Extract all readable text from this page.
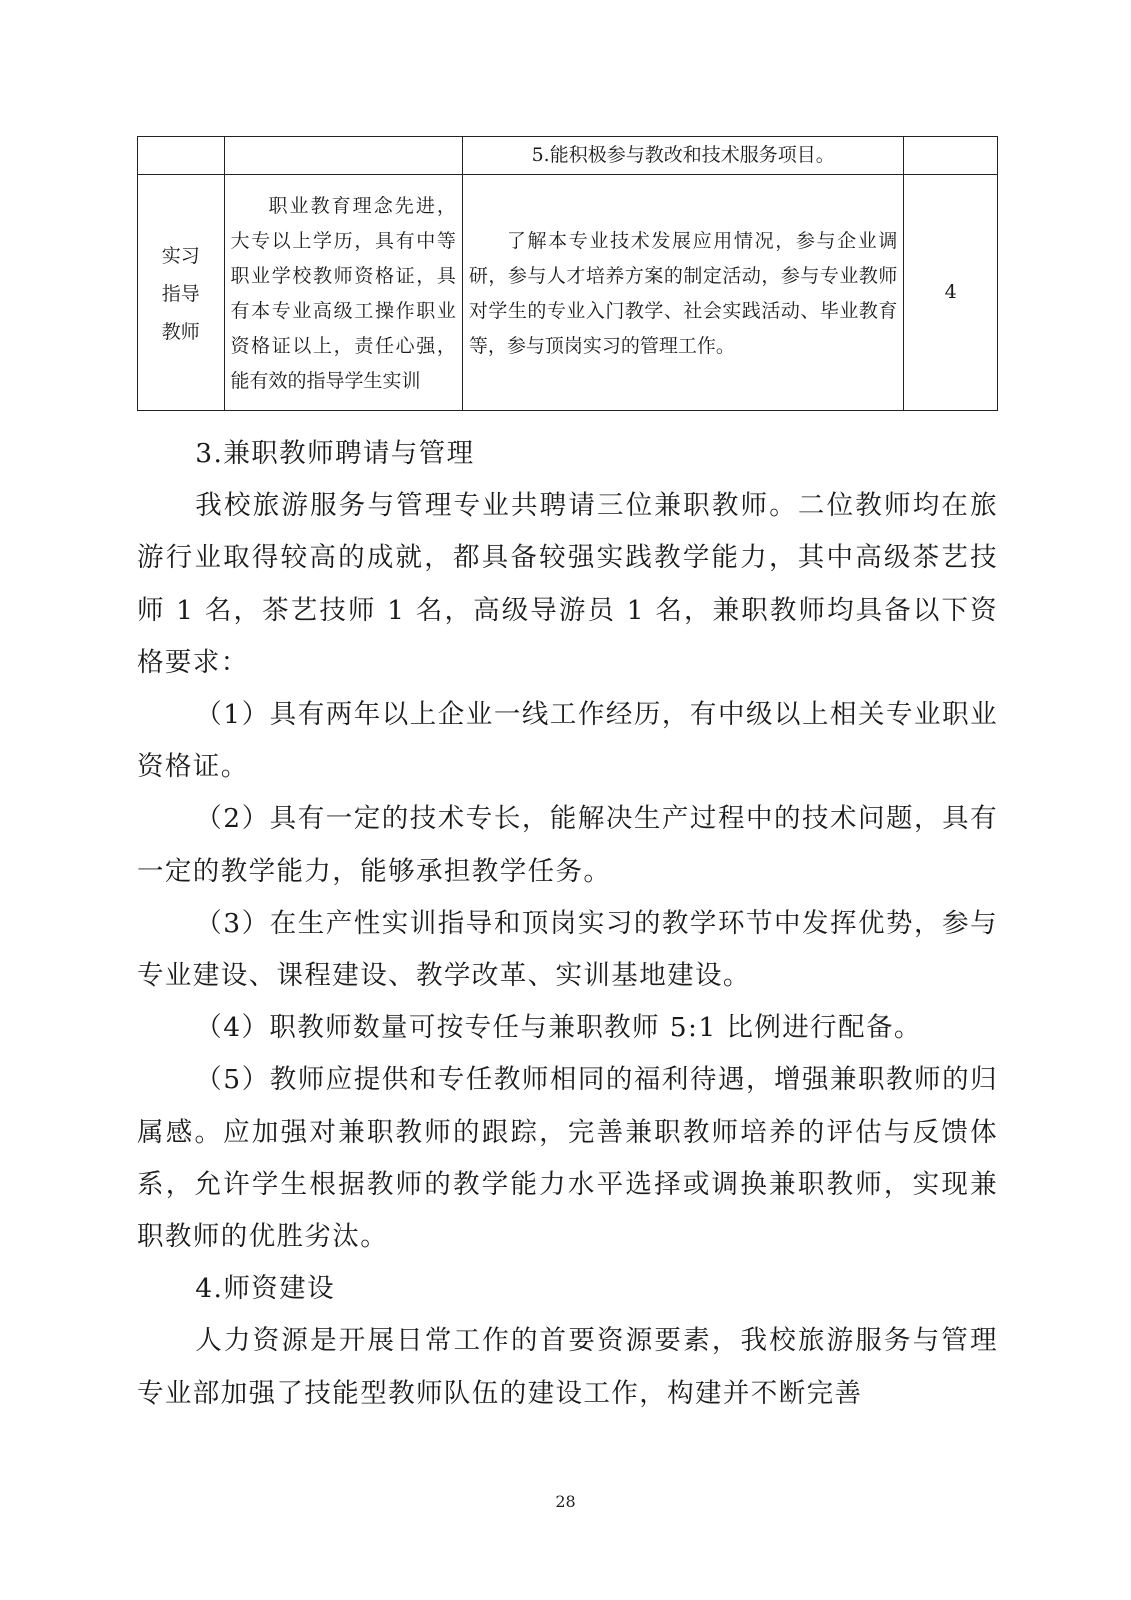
		5.能积极参与教改和技术服务项目。	

实习
指导
教师	职业教育理念先进，大专以上学历，具有中等职业学校教师资格证，具有本专业高级工操作职业资格证以上，责任心强， 能有效的指导学生实训	了解本专业技术发展应用情况，参与企业调研，参与人才培养方案的制定活动，参与专业教师对学生的专业入门教学、社会实践活动、毕业教育等，参与顶岗实习的管理工作。	4

3.兼职教师聘请与管理

我校旅游服务与管理专业共聘请三位兼职教师。二位教师均在旅游行业取得较高的成就，都具备较强实践教学能力，其中高级茶艺技师 1 名，茶艺技师 1 名，高级导游员 1 名，兼职教师均具备以下资格要求：

（1）具有两年以上企业一线工作经历，有中级以上相关专业职业资格证。

（2）具有一定的技术专长，能解决生产过程中的技术问题，具有一定的教学能力，能够承担教学任务。

（3）在生产性实训指导和顶岗实习的教学环节中发挥优势，参与专业建设、课程建设、教学改革、实训基地建设。

（4）职教师数量可按专任与兼职教师 5:1 比例进行配备。

（5）教师应提供和专任教师相同的福利待遇，增强兼职教师的归属感。应加强对兼职教师的跟踪，完善兼职教师培养的评估与反馈体系，允许学生根据教师的教学能力水平选择或调换兼职教师，实现兼职教师的优胜劣汰。

4.师资建设

人力资源是开展日常工作的首要资源要素，我校旅游服务与管理专业部加强了技能型教师队伍的建设工作，构建并不断完善

28
